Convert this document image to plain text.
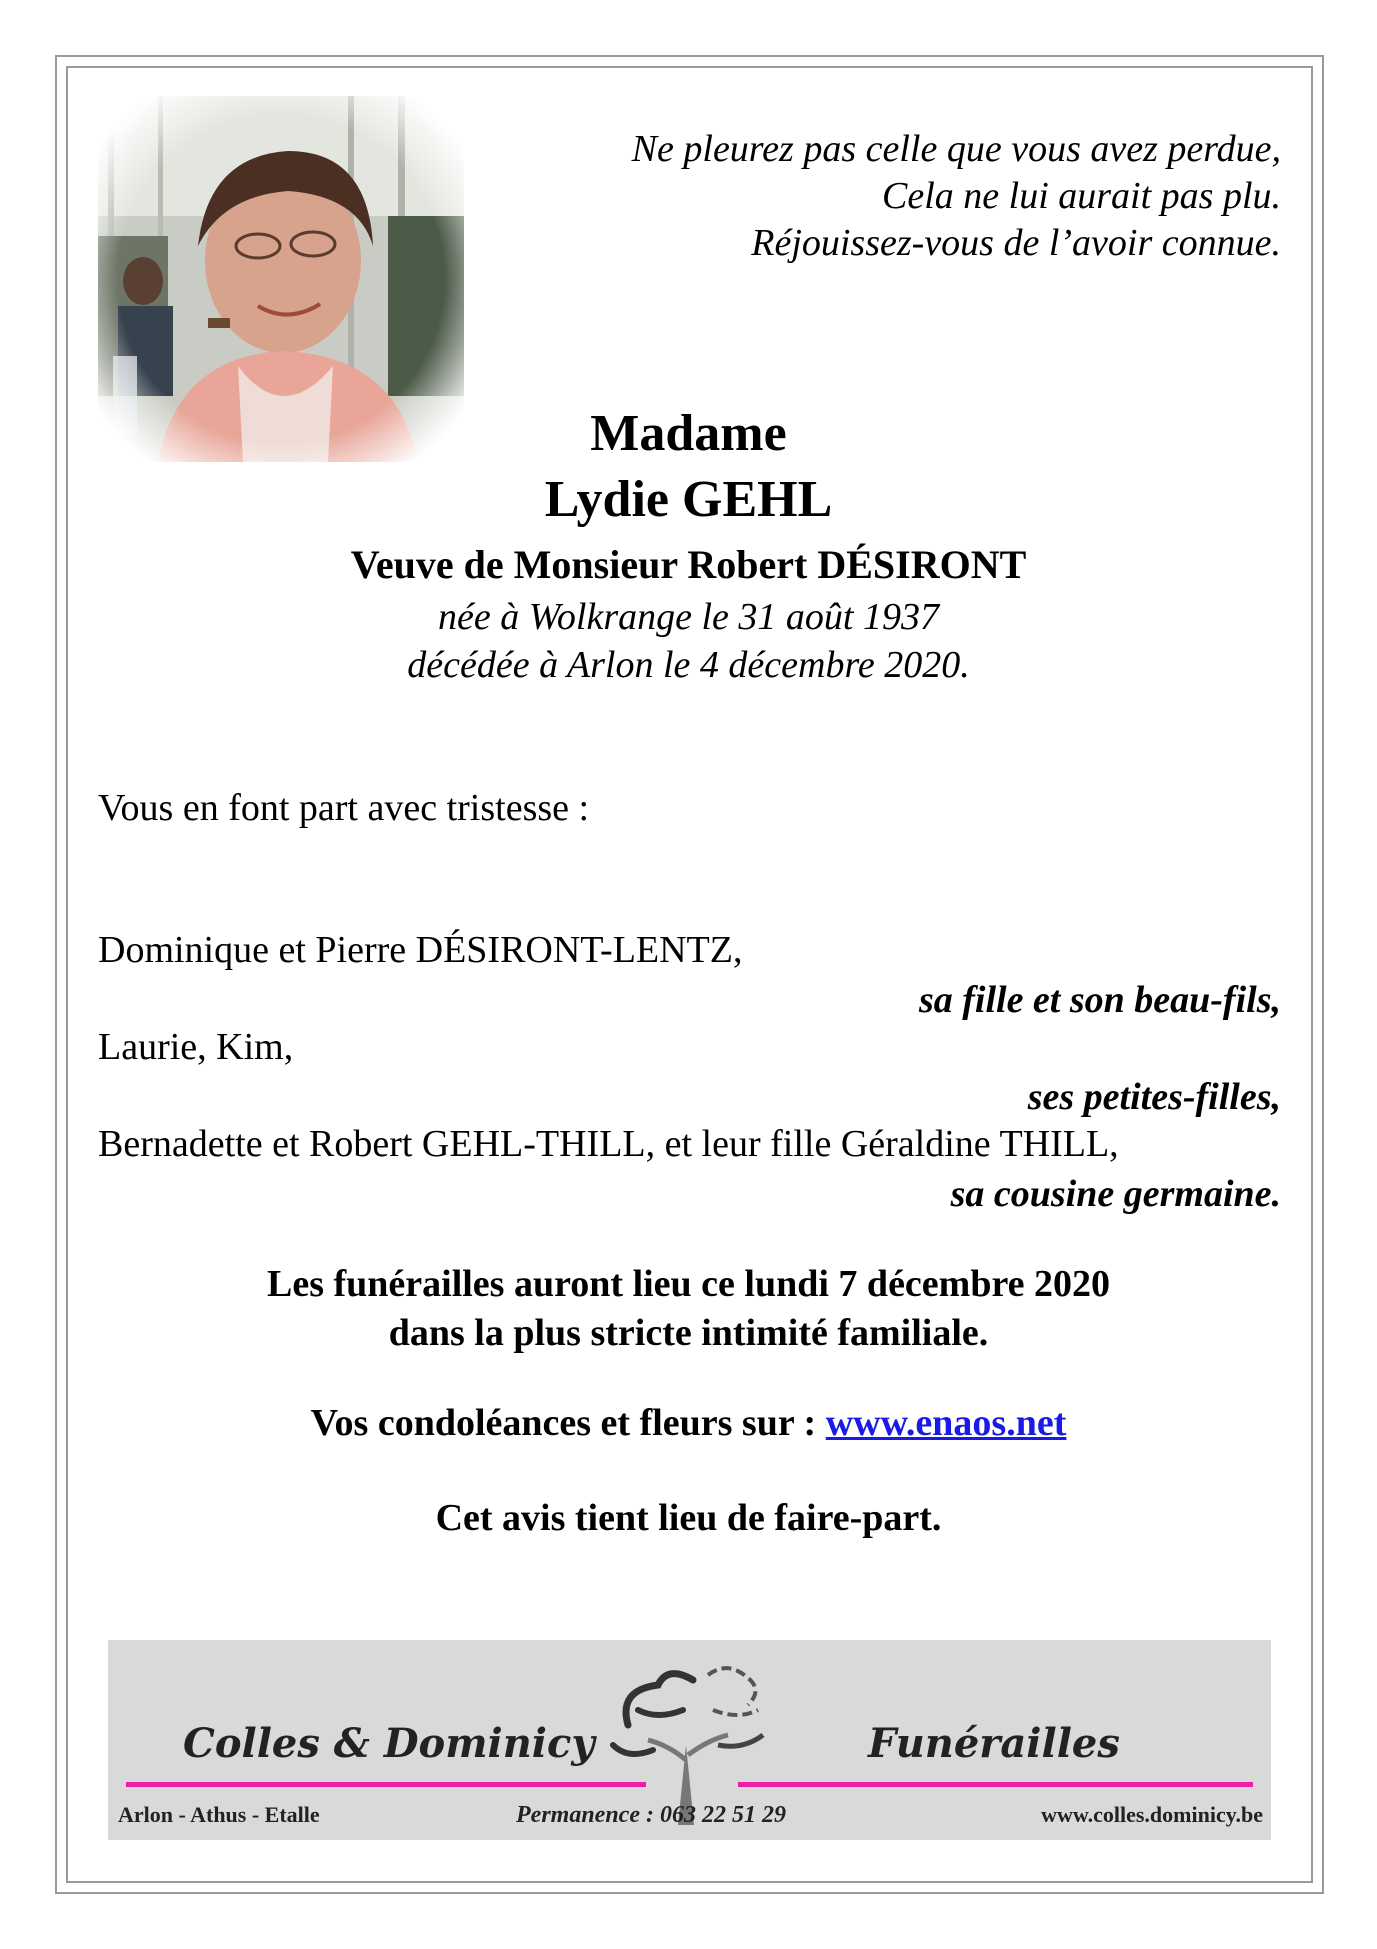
Ne pleurez pas celle que vous avez perdue,
Cela ne lui aurait pas plu.
Réjouissez-vous de l’avoir connue.
Madame
Lydie GEHL
Veuve de Monsieur Robert DÉSIRONT
née à Wolkrange le 31 août 1937
décédée à Arlon le 4 décembre 2020.
Vous en font part avec tristesse :
Dominique et Pierre DÉSIRONT-LENTZ,
sa fille et son beau-fils,
Laurie, Kim,
ses petites-filles,
Bernadette et Robert GEHL-THILL, et leur fille Géraldine THILL,
sa cousine germaine.
Les funérailles auront lieu ce lundi 7 décembre 2020
dans la plus stricte intimité familiale.
Vos condoléances et fleurs sur : www.enaos.net
Cet avis tient lieu de faire-part.
Colles & Dominicy	Funérailles
Arlon - Athus - Etalle	Permanence : 063 22 51 29	www.colles.dominicy.be
